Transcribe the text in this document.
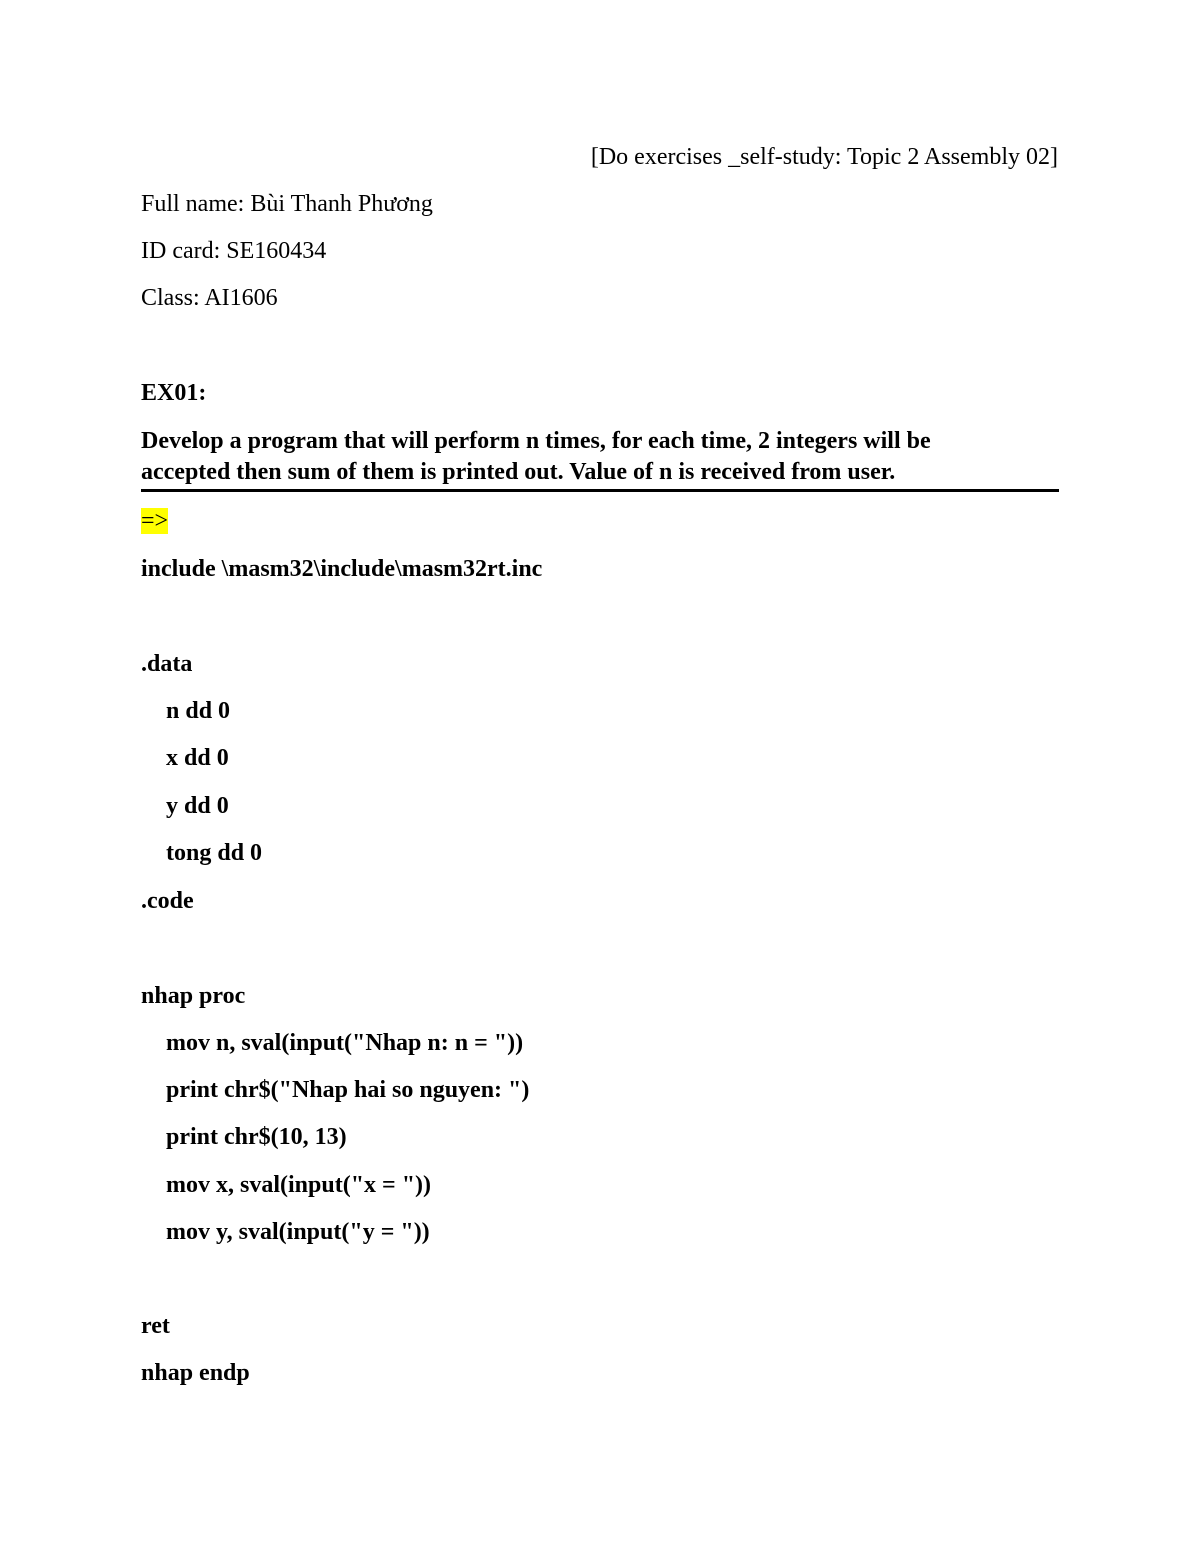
[Do exercises _self-study: Topic 2 Assembly 02]
Full name: Bùi Thanh Phương
ID card: SE160434
Class: AI1606
EX01:
Develop a program that will perform n times, for each time, 2 integers will be
accepted then sum of them is printed out. Value of n is received from user.
=>
include \masm32\include\masm32rt.inc
.data
n dd 0
x dd 0
y dd 0
tong dd 0
.code
nhap proc
mov n, sval(input("Nhap n: n = "))
print chr$("Nhap hai so nguyen: ")
print chr$(10, 13)
mov x, sval(input("x = "))
mov y, sval(input("y = "))
ret
nhap endp
